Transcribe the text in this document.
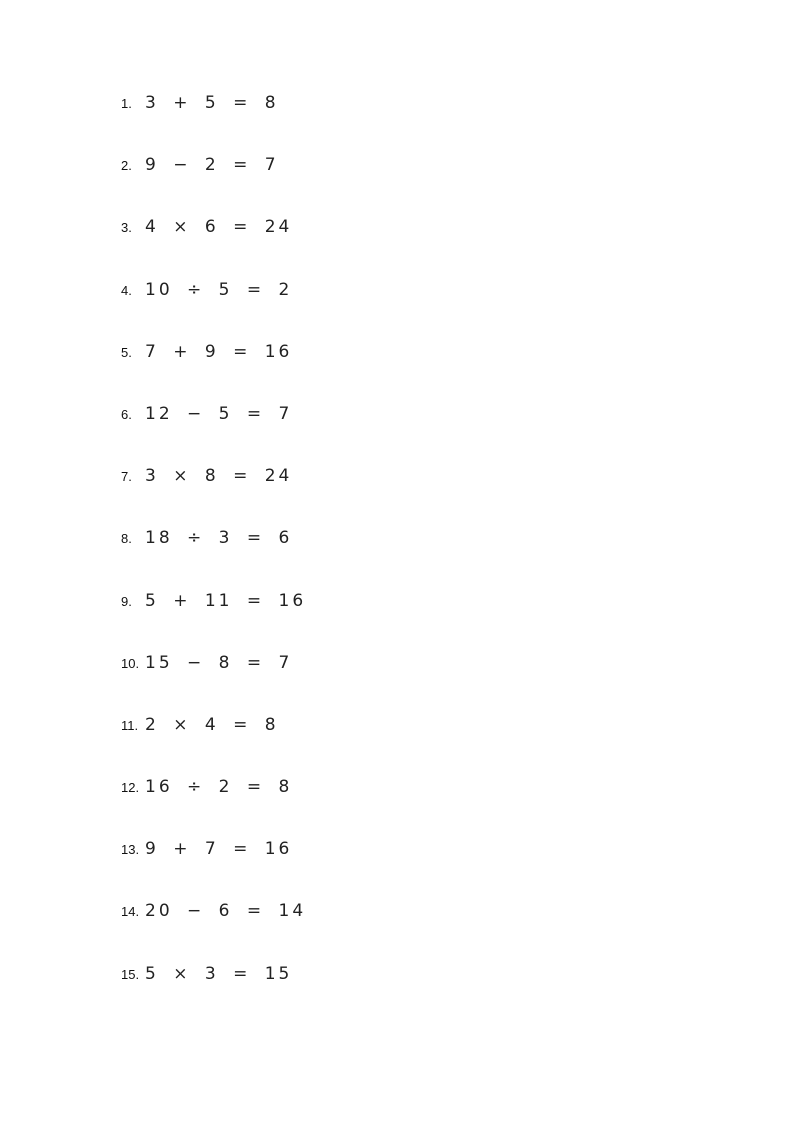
1. 3 + 5 = 8
2. 9 − 2 = 7
3. 4 × 6 = 24
4. 10 ÷ 5 = 2
5. 7 + 9 = 16
6. 12 − 5 = 7
7. 3 × 8 = 24
8. 18 ÷ 3 = 6
9. 5 + 11 = 16
10. 15 − 8 = 7
11. 2 × 4 = 8
12. 16 ÷ 2 = 8
13. 9 + 7 = 16
14. 20 − 6 = 14
15. 5 × 3 = 15
